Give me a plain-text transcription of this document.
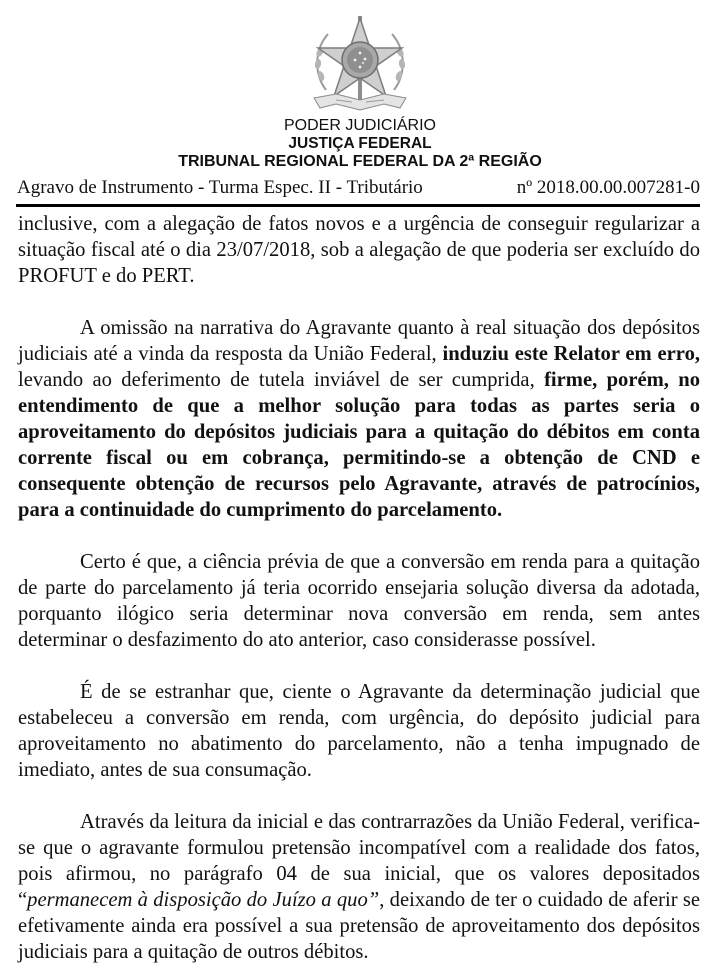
PODER JUDICIÁRIO
JUSTIÇA FEDERAL
TRIBUNAL REGIONAL FEDERAL DA 2ª REGIÃO
Agravo de Instrumento - Turma Espec. II - Tributário	nº 2018.00.00.007281-0

inclusive, com a alegação de fatos novos e a urgência de conseguir regularizar a situação fiscal até o dia 23/07/2018, sob a alegação de que poderia ser excluído do PROFUT e do PERT.

A omissão na narrativa do Agravante quanto à real situação dos depósitos judiciais até a vinda da resposta da União Federal, induziu este Relator em erro, levando ao deferimento de tutela inviável de ser cumprida, firme, porém, no entendimento de que a melhor solução para todas as partes seria o aproveitamento do depósitos judiciais para a quitação do débitos em conta corrente fiscal ou em cobrança, permitindo-se a obtenção de CND e consequente obtenção de recursos pelo Agravante, através de patrocínios, para a continuidade do cumprimento do parcelamento.

Certo é que, a ciência prévia de que a conversão em renda para a quitação de parte do parcelamento já teria ocorrido ensejaria solução diversa da adotada, porquanto ilógico seria determinar nova conversão em renda, sem antes determinar o desfazimento do ato anterior, caso considerasse possível.

É de se estranhar que, ciente o Agravante da determinação judicial que estabeleceu a conversão em renda, com urgência, do depósito judicial para aproveitamento no abatimento do parcelamento, não a tenha impugnado de imediato, antes de sua consumação.

Através da leitura da inicial e das contrarrazões da União Federal, verifica-se que o agravante formulou pretensão incompatível com a realidade dos fatos, pois afirmou, no parágrafo 04 de sua inicial, que os valores depositados “permanecem à disposição do Juízo a quo”, deixando de ter o cuidado de aferir se efetivamente ainda era possível a sua pretensão de aproveitamento dos depósitos judiciais para a quitação de outros débitos.
